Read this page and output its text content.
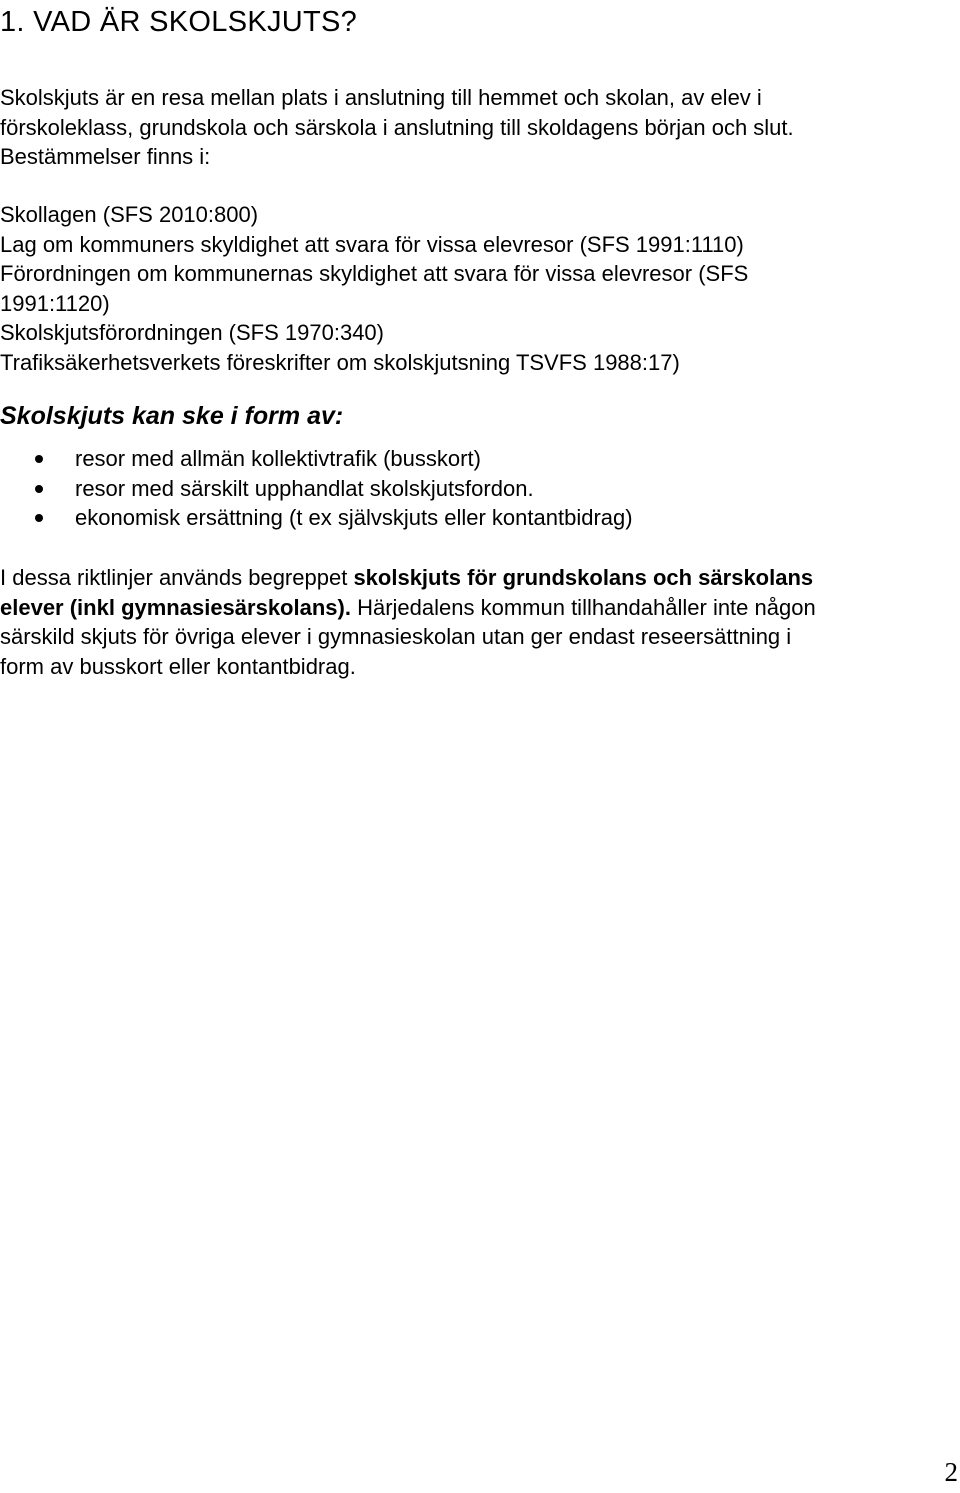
1. VAD ÄR SKOLSKJUTS?

Skolskjuts är en resa mellan plats i anslutning till hemmet och skolan, av elev i
förskoleklass, grundskola och särskola i anslutning till skoldagens början och slut.
Bestämmelser finns i:

Skollagen (SFS 2010:800)
Lag om kommuners skyldighet att svara för vissa elevresor (SFS 1991:1110)
Förordningen om kommunernas skyldighet att svara för vissa elevresor (SFS
1991:1120)
Skolskjutsförordningen (SFS 1970:340)
Trafiksäkerhetsverkets föreskrifter om skolskjutsning TSVFS 1988:17)

Skolskjuts kan ske i form av:
resor med allmän kollektivtrafik (busskort)
resor med särskilt upphandlat skolskjutsfordon.
ekonomisk ersättning (t ex självskjuts eller kontantbidrag)

I dessa riktlinjer används begreppet skolskjuts för grundskolans och särskolans
elever (inkl gymnasiesärskolans). Härjedalens kommun tillhandahåller inte någon
särskild skjuts för övriga elever i gymnasieskolan utan ger endast reseersättning i
form av busskort eller kontantbidrag.

2
